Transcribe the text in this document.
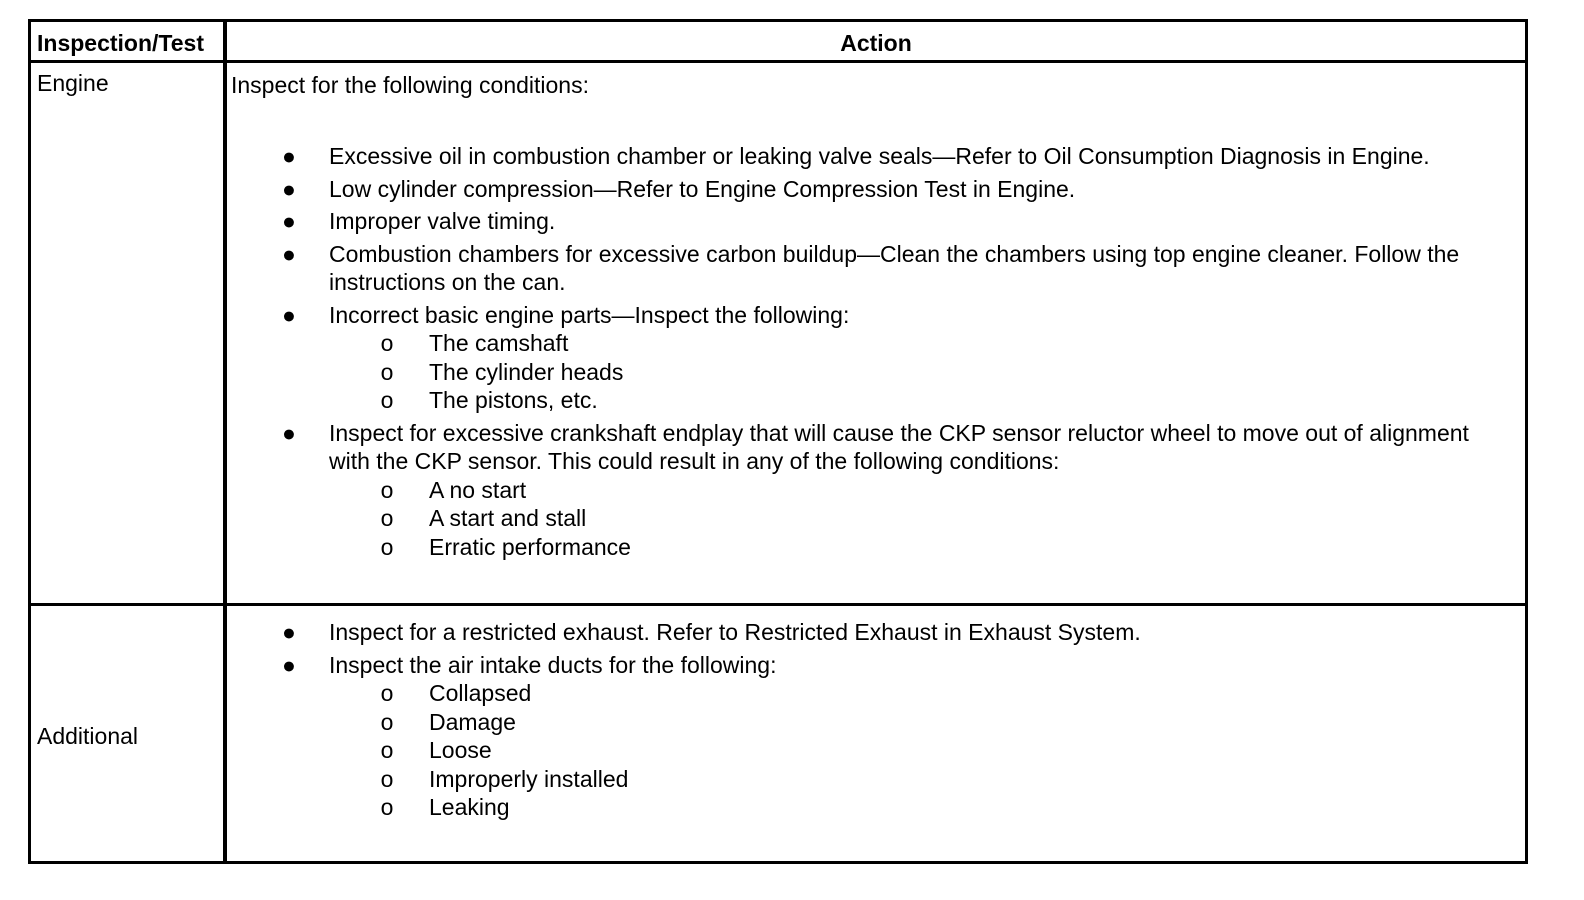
Inspection/Test	Action
Engine	Inspect for the following conditions:
● Excessive oil in combustion chamber or leaking valve seals—Refer to Oil Consumption Diagnosis in Engine.
● Low cylinder compression—Refer to Engine Compression Test in Engine.
● Improper valve timing.
● Combustion chambers for excessive carbon buildup—Clean the chambers using top engine cleaner. Follow the instructions on the can.
● Incorrect basic engine parts—Inspect the following:
o The camshaft
o The cylinder heads
o The pistons, etc.
● Inspect for excessive crankshaft endplay that will cause the CKP sensor reluctor wheel to move out of alignment with the CKP sensor. This could result in any of the following conditions:
o A no start
o A start and stall
o Erratic performance
Additional
● Inspect for a restricted exhaust. Refer to Restricted Exhaust in Exhaust System.
● Inspect the air intake ducts for the following:
o Collapsed
o Damage
o Loose
o Improperly installed
o Leaking
